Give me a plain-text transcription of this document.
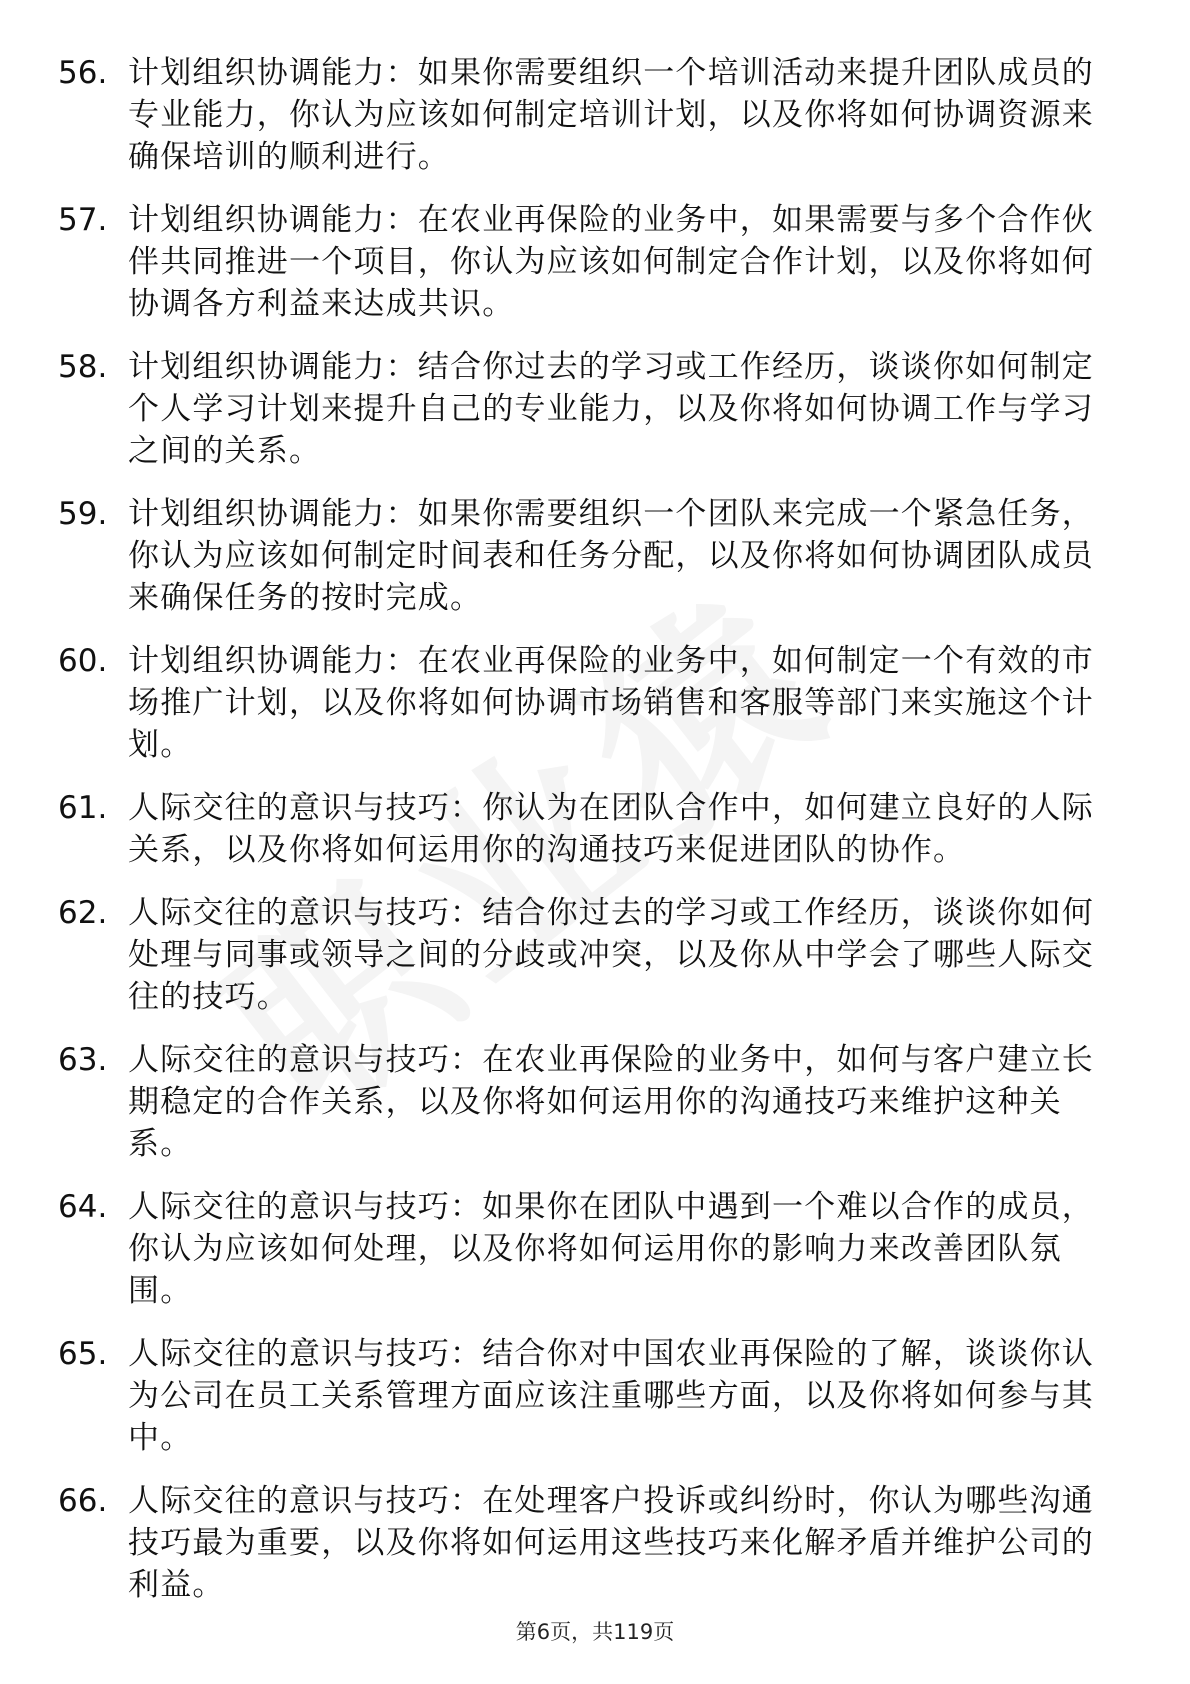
56. 计划组织协调能力：如果你需要组织一个培训活动来提升团队成员的专业能力，你认为应该如何制定培训计划，以及你将如何协调资源来确保培训的顺利进行。
57. 计划组织协调能力：在农业再保险的业务中，如果需要与多个合作伙伴共同推进一个项目，你认为应该如何制定合作计划，以及你将如何协调各方利益来达成共识。
58. 计划组织协调能力：结合你过去的学习或工作经历，谈谈你如何制定个人学习计划来提升自己的专业能力，以及你将如何协调工作与学习之间的关系。
59. 计划组织协调能力：如果你需要组织一个团队来完成一个紧急任务，你认为应该如何制定时间表和任务分配，以及你将如何协调团队成员来确保任务的按时完成。
60. 计划组织协调能力：在农业再保险的业务中，如何制定一个有效的市场推广计划，以及你将如何协调市场销售和客服等部门来实施这个计划。
61. 人际交往的意识与技巧：你认为在团队合作中，如何建立良好的人际关系，以及你将如何运用你的沟通技巧来促进团队的协作。
62. 人际交往的意识与技巧：结合你过去的学习或工作经历，谈谈你如何处理与同事或领导之间的分歧或冲突，以及你从中学会了哪些人际交往的技巧。
63. 人际交往的意识与技巧：在农业再保险的业务中，如何与客户建立长期稳定的合作关系，以及你将如何运用你的沟通技巧来维护这种关系。
64. 人际交往的意识与技巧：如果你在团队中遇到一个难以合作的成员，你认为应该如何处理，以及你将如何运用你的影响力来改善团队氛围。
65. 人际交往的意识与技巧：结合你对中国农业再保险的了解，谈谈你认为公司在员工关系管理方面应该注重哪些方面，以及你将如何参与其中。
66. 人际交往的意识与技巧：在处理客户投诉或纠纷时，你认为哪些沟通技巧最为重要，以及你将如何运用这些技巧来化解矛盾并维护公司的利益。
第6页，共119页
